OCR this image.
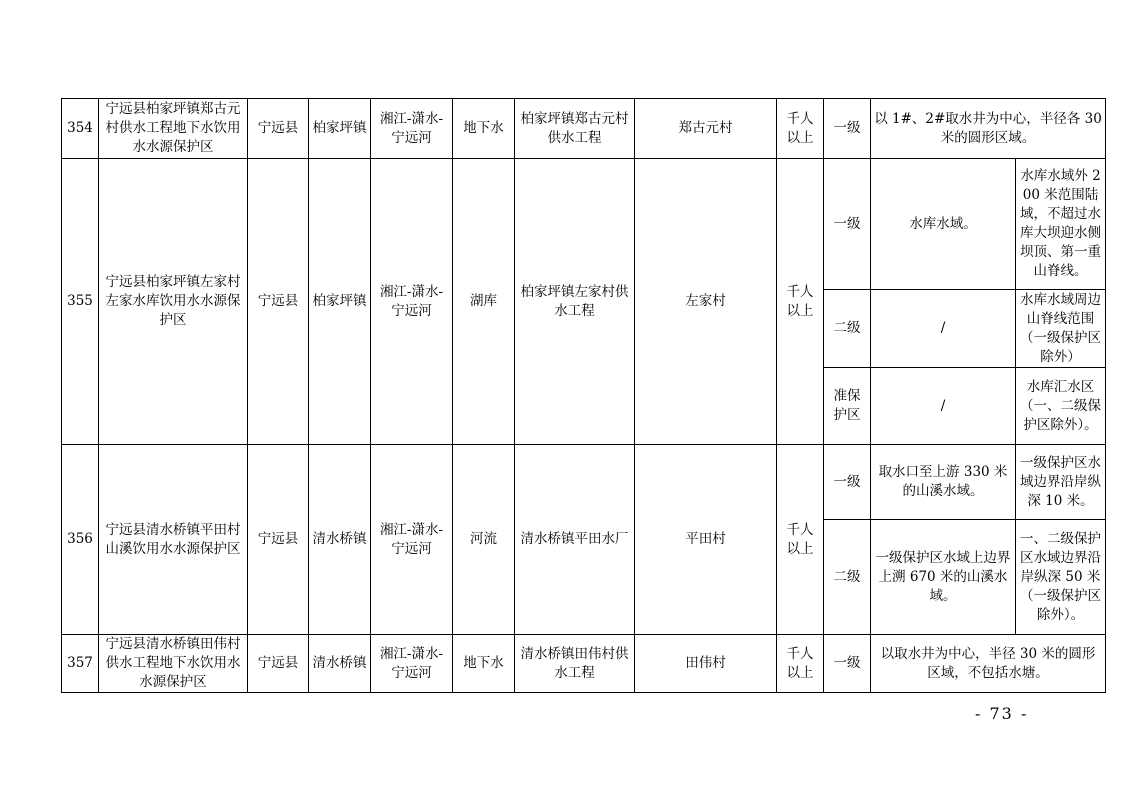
354	宁远县柏家坪镇郑古元村供水工程地下水饮用水水源保护区	宁远县	柏家坪镇	湘江-潇水-宁远河	地下水	柏家坪镇郑古元村供水工程	郑古元村	千人以上	一级	以 1#、2#取水井为中心，半径各 30 米的圆形区域。	
355	宁远县柏家坪镇左家村左家水库饮用水水源保护区	宁远县	柏家坪镇	湘江-潇水-宁远河	湖库	柏家坪镇左家村供水工程	左家村	千人以上	一级	水库水域。	水库水域外 200 米范围陆域，不超过水库大坝迎水侧坝顶、第一重山脊线。
									二级	/	水库水域周边山脊线范围（一级保护区除外）
									准保护区	/	水库汇水区（一、二级保护区除外）。
356	宁远县清水桥镇平田村山溪饮用水水源保护区	宁远县	清水桥镇	湘江-潇水-宁远河	河流	清水桥镇平田水厂	平田村	千人以上	一级	取水口至上游 330 米的山溪水域。	一级保护区水域边界沿岸纵深 10 米。
									二级	一级保护区水域上边界上溯 670 米的山溪水域。	一、二级保护区水域边界沿岸纵深 50 米（一级保护区除外）。
357	宁远县清水桥镇田伟村供水工程地下水饮用水水源保护区	宁远县	清水桥镇	湘江-潇水-宁远河	地下水	清水桥镇田伟村供水工程	田伟村	千人以上	一级	以取水井为中心，半径 30 米的圆形区域，不包括水塘。	
- 73 -
